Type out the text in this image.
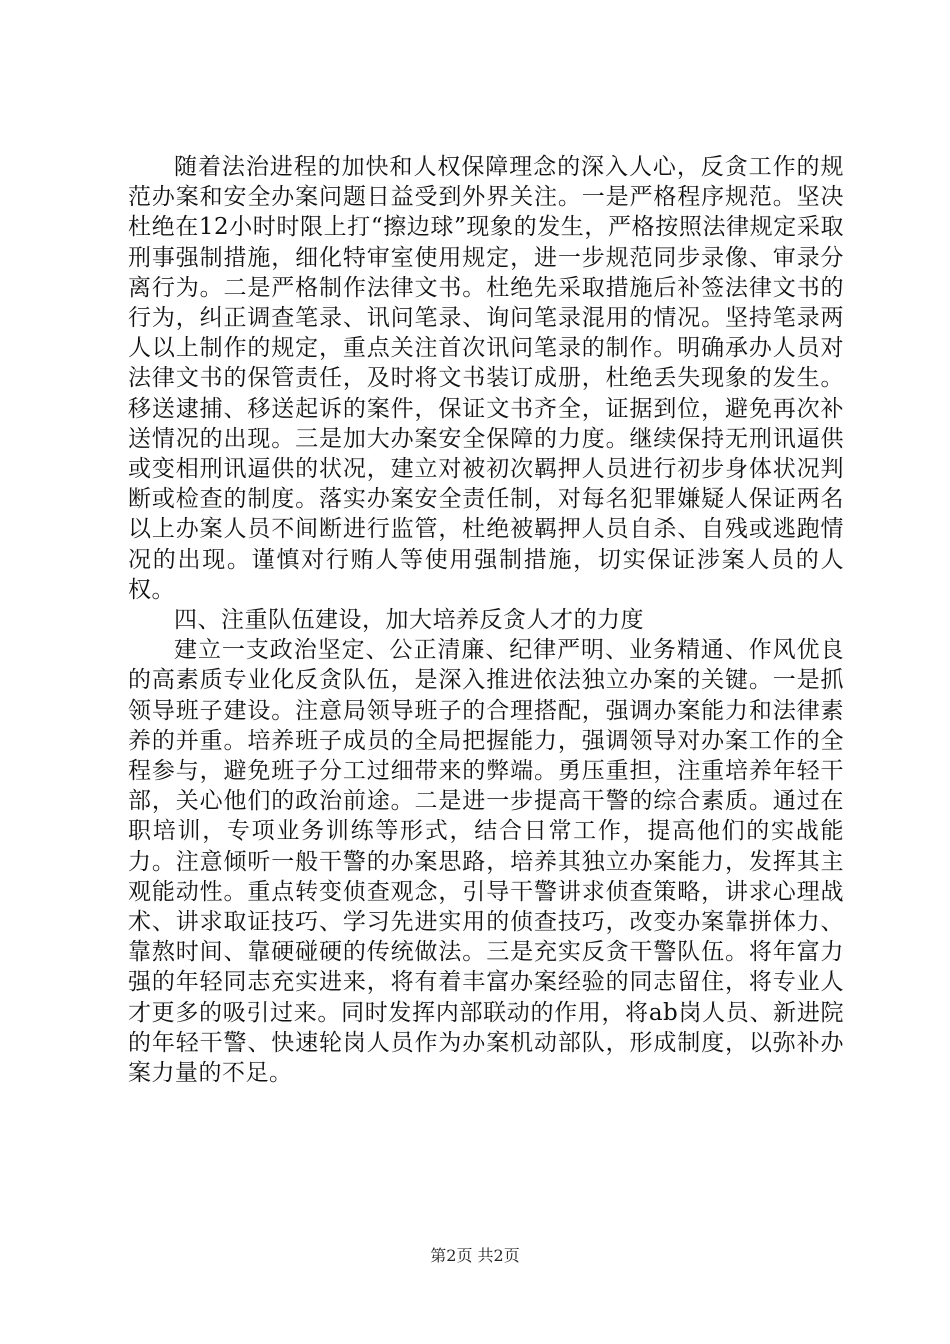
随着法治进程的加快和人权保障理念的深入人心，反贪工作的规范办案和安全办案问题日益受到外界关注。一是严格程序规范。坚决杜绝在12小时时限上打“擦边球”现象的发生，严格按照法律规定采取刑事强制措施，细化特审室使用规定，进一步规范同步录像、审录分离行为。二是严格制作法律文书。杜绝先采取措施后补签法律文书的行为，纠正调查笔录、讯问笔录、询问笔录混用的情况。坚持笔录两人以上制作的规定，重点关注首次讯问笔录的制作。明确承办人员对法律文书的保管责任，及时将文书装订成册，杜绝丢失现象的发生。移送逮捕、移送起诉的案件，保证文书齐全，证据到位，避免再次补送情况的出现。三是加大办案安全保障的力度。继续保持无刑讯逼供或变相刑讯逼供的状况，建立对被初次羁押人员进行初步身体状况判断或检查的制度。落实办案安全责任制，对每名犯罪嫌疑人保证两名以上办案人员不间断进行监管，杜绝被羁押人员自杀、自残或逃跑情况的出现。谨慎对行贿人等使用强制措施，切实保证涉案人员的人权。

四、注重队伍建设，加大培养反贪人才的力度

建立一支政治坚定、公正清廉、纪律严明、业务精通、作风优良的高素质专业化反贪队伍，是深入推进依法独立办案的关键。一是抓领导班子建设。注意局领导班子的合理搭配，强调办案能力和法律素养的并重。培养班子成员的全局把握能力，强调领导对办案工作的全程参与，避免班子分工过细带来的弊端。勇压重担，注重培养年轻干部，关心他们的政治前途。二是进一步提高干警的综合素质。通过在职培训，专项业务训练等形式，结合日常工作，提高他们的实战能力。注意倾听一般干警的办案思路，培养其独立办案能力，发挥其主观能动性。重点转变侦查观念，引导干警讲求侦查策略，讲求心理战术、讲求取证技巧、学习先进实用的侦查技巧，改变办案靠拼体力、靠熬时间、靠硬碰硬的传统做法。三是充实反贪干警队伍。将年富力强的年轻同志充实进来，将有着丰富办案经验的同志留住，将专业人才更多的吸引过来。同时发挥内部联动的作用，将ab岗人员、新进院的年轻干警、快速轮岗人员作为办案机动部队，形成制度，以弥补办案力量的不足。

第2页 共2页
